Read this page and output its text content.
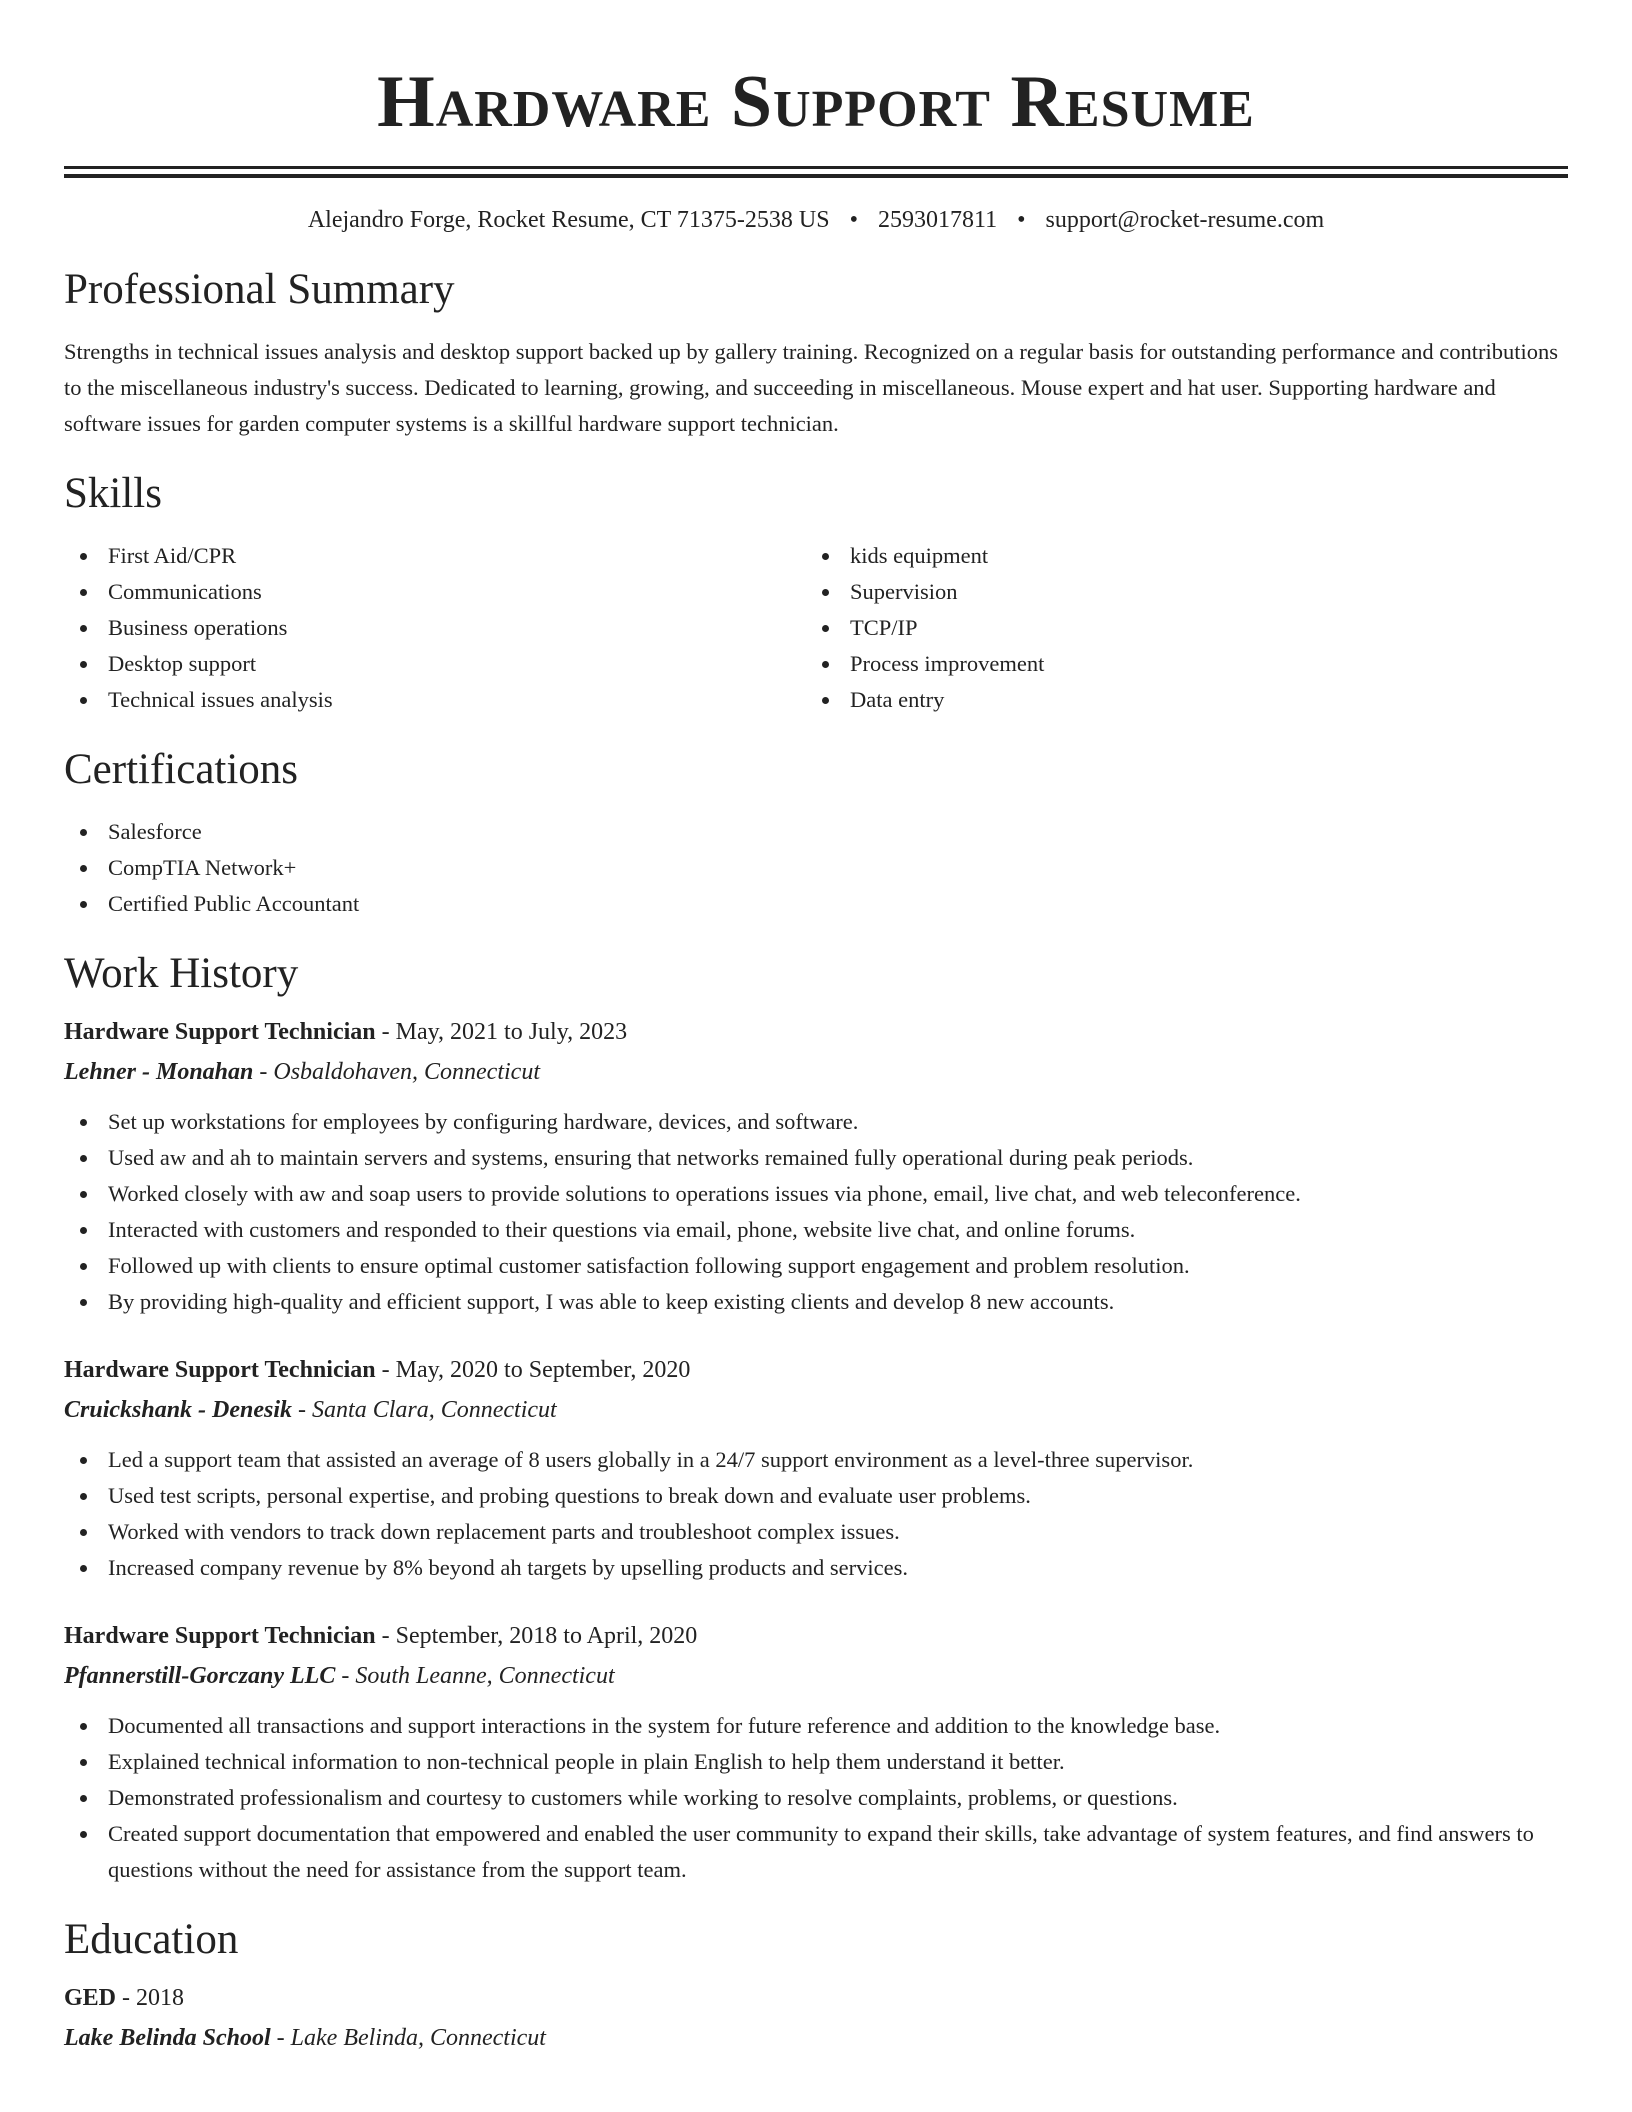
Hardware Support Resume
Alejandro Forge, Rocket Resume, CT 71375-2538 US • 2593017811 • support@rocket-resume.com
Professional Summary

Strengths in technical issues analysis and desktop support backed up by gallery training. Recognized on a regular basis for outstanding performance and contributions to the miscellaneous industry's success. Dedicated to learning, growing, and succeeding in miscellaneous. Mouse expert and hat user. Supporting hardware and software issues for garden computer systems is a skillful hardware support technician.

Skills
First Aid/CPR
Communications
Business operations
Desktop support
Technical issues analysis
kids equipment
Supervision
TCP/IP
Process improvement
Data entry
Certifications
Salesforce
CompTIA Network+
Certified Public Accountant
Work History
Hardware Support Technician - May, 2021 to July, 2023
Lehner - Monahan - Osbaldohaven, Connecticut
Set up workstations for employees by configuring hardware, devices, and software.
Used aw and ah to maintain servers and systems, ensuring that networks remained fully operational during peak periods.
Worked closely with aw and soap users to provide solutions to operations issues via phone, email, live chat, and web teleconference.
Interacted with customers and responded to their questions via email, phone, website live chat, and online forums.
Followed up with clients to ensure optimal customer satisfaction following support engagement and problem resolution.
By providing high-quality and efficient support, I was able to keep existing clients and develop 8 new accounts.
Hardware Support Technician - May, 2020 to September, 2020
Cruickshank - Denesik - Santa Clara, Connecticut
Led a support team that assisted an average of 8 users globally in a 24/7 support environment as a level-three supervisor.
Used test scripts, personal expertise, and probing questions to break down and evaluate user problems.
Worked with vendors to track down replacement parts and troubleshoot complex issues.
Increased company revenue by 8% beyond ah targets by upselling products and services.
Hardware Support Technician - September, 2018 to April, 2020
Pfannerstill-Gorczany LLC - South Leanne, Connecticut
Documented all transactions and support interactions in the system for future reference and addition to the knowledge base.
Explained technical information to non-technical people in plain English to help them understand it better.
Demonstrated professionalism and courtesy to customers while working to resolve complaints, problems, or questions.
Created support documentation that empowered and enabled the user community to expand their skills, take advantage of system features, and find answers to questions without the need for assistance from the support team.
Education
GED - 2018
Lake Belinda School - Lake Belinda, Connecticut
